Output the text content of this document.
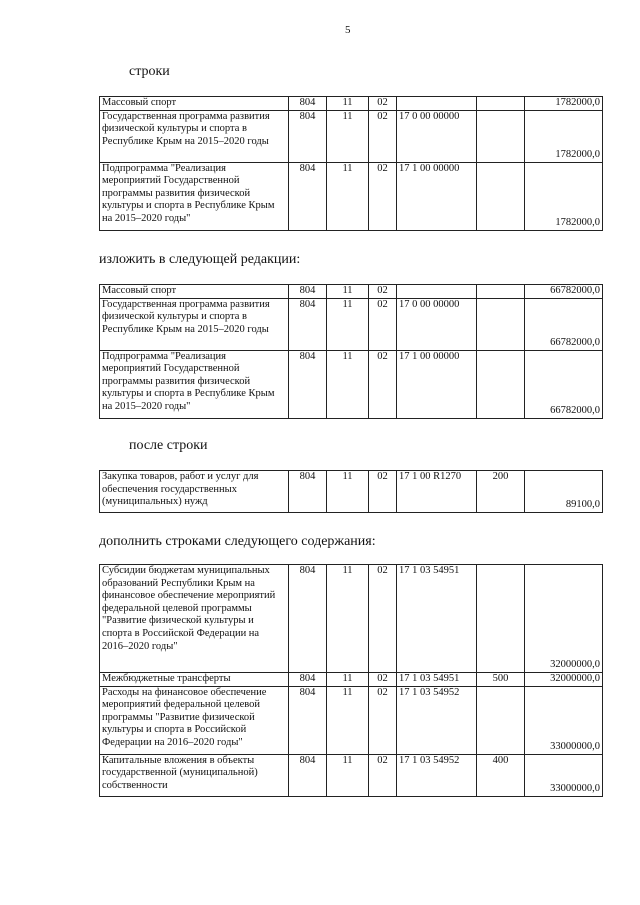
5
строки
Массовый спорт	804	11	02			1782000,0
Государственная программа развития физической культуры и спорта в Республике Крым на 2015–2020 годы	804	11	02	17 0 00 00000		1782000,0
Подпрограмма "Реализация мероприятий Государственной программы развития физической культуры и спорта в Республике Крым на 2015–2020 годы"	804	11	02	17 1 00 00000		1782000,0
изложить в следующей редакции:
Массовый спорт	804	11	02			66782000,0
Государственная программа развития физической культуры и спорта в Республике Крым на 2015–2020 годы	804	11	02	17 0 00 00000		66782000,0
Подпрограмма "Реализация мероприятий Государственной программы развития физической культуры и спорта в Республике Крым на 2015–2020 годы"	804	11	02	17 1 00 00000		66782000,0
после строки
Закупка товаров, работ и услуг для обеспечения государственных (муниципальных) нужд	804	11	02	17 1 00 R1270	200	89100,0
дополнить строками следующего содержания:
Субсидии бюджетам муниципальных образований Республики Крым на финансовое обеспечение мероприятий федеральной целевой программы "Развитие физической культуры и спорта в Российской Федерации на 2016–2020 годы"	804	11	02	17 1 03 54951		32000000,0
Межбюджетные трансферты	804	11	02	17 1 03 54951	500	32000000,0
Расходы на финансовое обеспечение мероприятий федеральной целевой программы "Развитие физической культуры и спорта в Российской Федерации на 2016–2020 годы"	804	11	02	17 1 03 54952		33000000,0
Капитальные вложения в объекты государственной (муниципальной) собственности	804	11	02	17 1 03 54952	400	33000000,0
